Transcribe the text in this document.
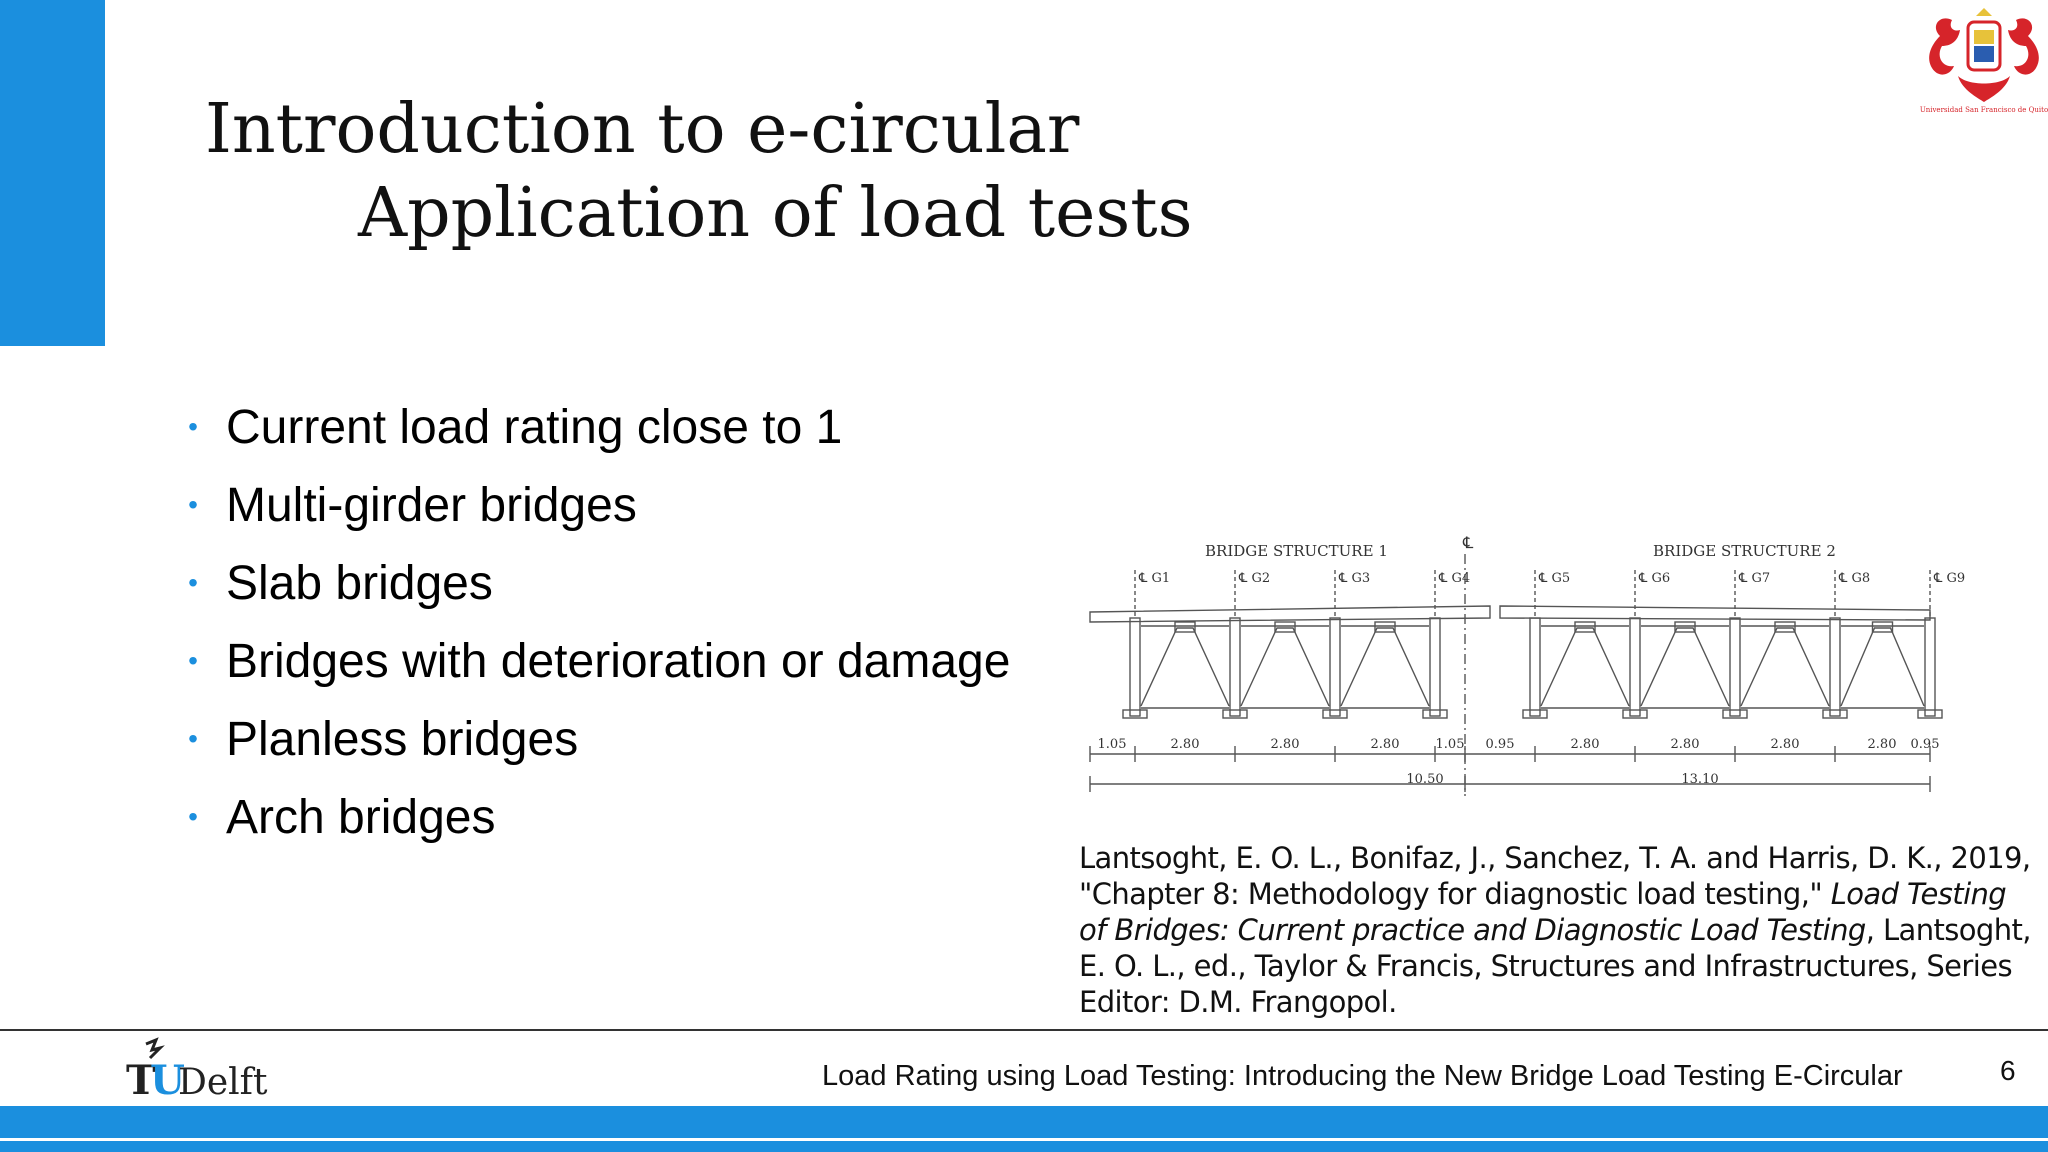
Introduction to e-circular
Application of load tests
Universidad San Francisco de Quito
• Current load rating close to 1
• Multi-girder bridges
• Slab bridges
• Bridges with deterioration or damage
• Planless bridges
• Arch bridges
BRIDGE STRUCTURE 1	BRIDGE STRUCTURE 2
℄
10.50	13.10
℄ G1	℄ G2	℄ G3	℄ G4	℄ G5	℄ G6	℄ G7	℄ G8	℄ G9
1.05	2.80	2.80	2.80	1.05 0.95	2.80	2.80	2.80	2.80 0.95
Lantsoght, E. O. L., Bonifaz, J., Sanchez, T. A. and Harris, D. K., 2019, "Chapter 8: Methodology for diagnostic load testing," Load Testing of Bridges: Current practice and Diagnostic Load Testing, Lantsoght, E. O. L., ed., Taylor & Francis, Structures and Infrastructures, Series Editor: D.M. Frangopol.
T
U
Delft	Load Rating using Load Testing: Introducing the New Bridge Load Testing E-Circular	6
